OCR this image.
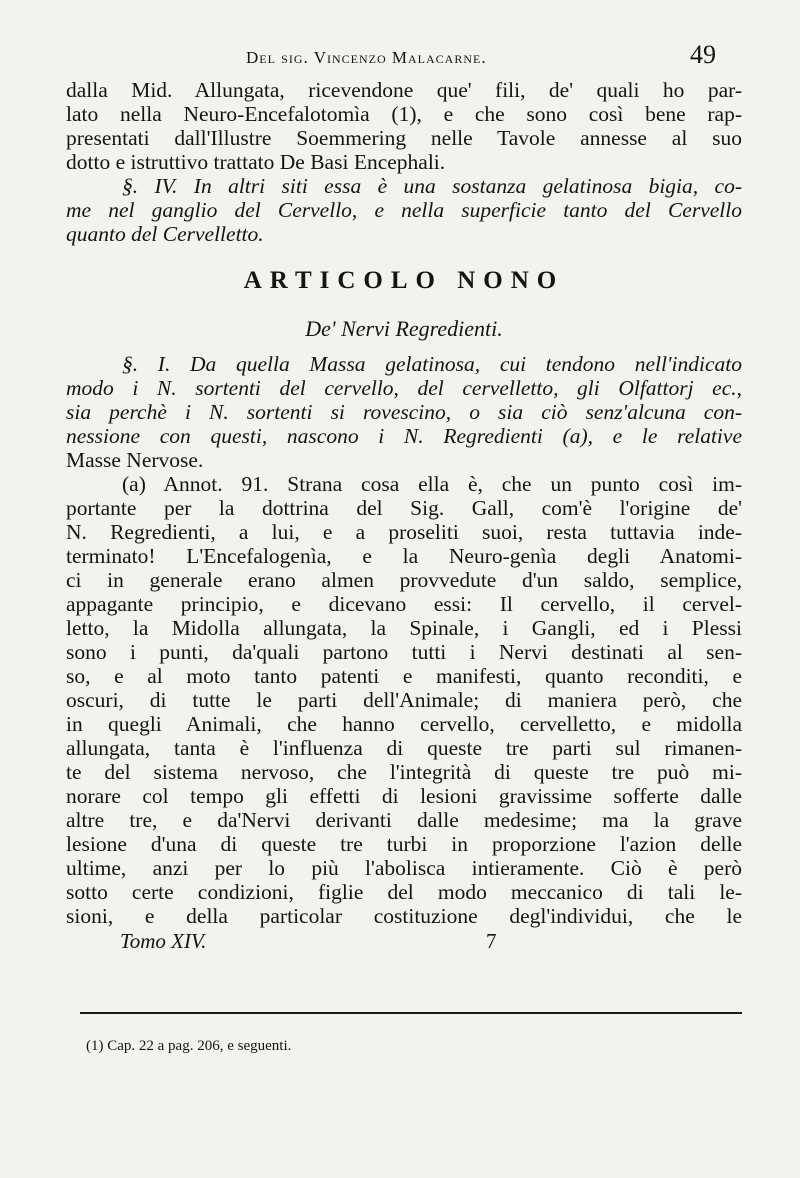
Del sig. Vincenzo Malacarne.	49
dalla Mid. Allungata, ricevendone que' fili, de' quali ho par-
lato nella Neuro-Encefalotomìa (1), e che sono così bene rap-
presentati dall'Illustre Soemmering nelle Tavole annesse al suo
dotto e istruttivo trattato De Basi Encephali.
§. IV. In altri siti essa è una sostanza gelatinosa bigia, co-
me nel ganglio del Cervello, e nella superficie tanto del Cervello
quanto del Cervelletto.
ARTICOLO NONO
De' Nervi Regredienti.
§. I. Da quella Massa gelatinosa, cui tendono nell'indicato
modo i N. sortenti del cervello, del cervelletto, gli Olfattorj ec.,
sia perchè i N. sortenti si rovescino, o sia ciò senz'alcuna con-
nessione con questi, nascono i N. Regredienti (a), e le relative
Masse Nervose.
(a) Annot. 91. Strana cosa ella è, che un punto così im-
portante per la dottrina del Sig. Gall, com'è l'origine de'
N. Regredienti, a lui, e a proseliti suoi, resta tuttavia inde-
terminato! L'Encefalogenìa, e la Neuro-genìa degli Anatomi-
ci in generale erano almen provvedute d'un saldo, semplice,
appagante principio, e dicevano essi: Il cervello, il cervel-
letto, la Midolla allungata, la Spinale, i Gangli, ed i Plessi
sono i punti, da'quali partono tutti i Nervi destinati al sen-
so, e al moto tanto patenti e manifesti, quanto reconditi, e
oscuri, di tutte le parti dell'Animale; di maniera però, che
in quegli Animali, che hanno cervello, cervelletto, e midolla
allungata, tanta è l'influenza di queste tre parti sul rimanen-
te del sistema nervoso, che l'integrità di queste tre può mi-
norare col tempo gli effetti di lesioni gravissime sofferte dalle
altre tre, e da'Nervi derivanti dalle medesime; ma la grave
lesione d'una di queste tre turbi in proporzione l'azion delle
ultime, anzi per lo più l'abolisca intieramente. Ciò è però
sotto certe condizioni, figlie del modo meccanico di tali le-
sioni, e della particolar costituzione degl'individui, che le
Tomo XIV.	7
(1) Cap. 22 a pag. 206, e seguenti.
